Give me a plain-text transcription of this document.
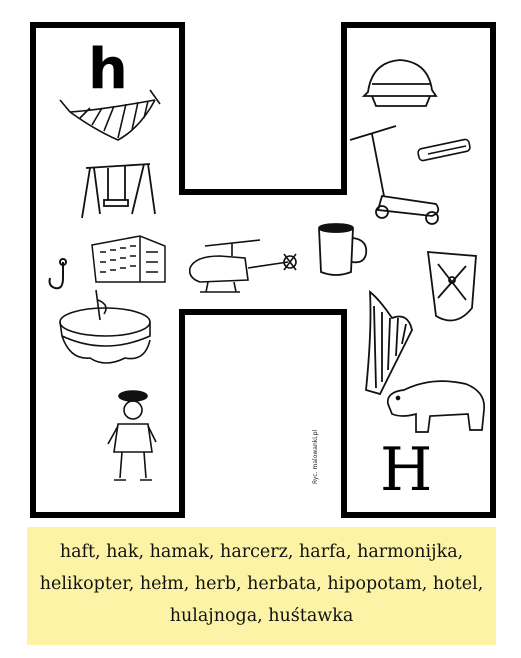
h
H
Ryc. malowanki.pl
haft, hak, hamak, harcerz, harfa, harmonijka,
helikopter, hełm, herb, herbata, hipopotam, hotel,
hulajnoga, huśtawka
